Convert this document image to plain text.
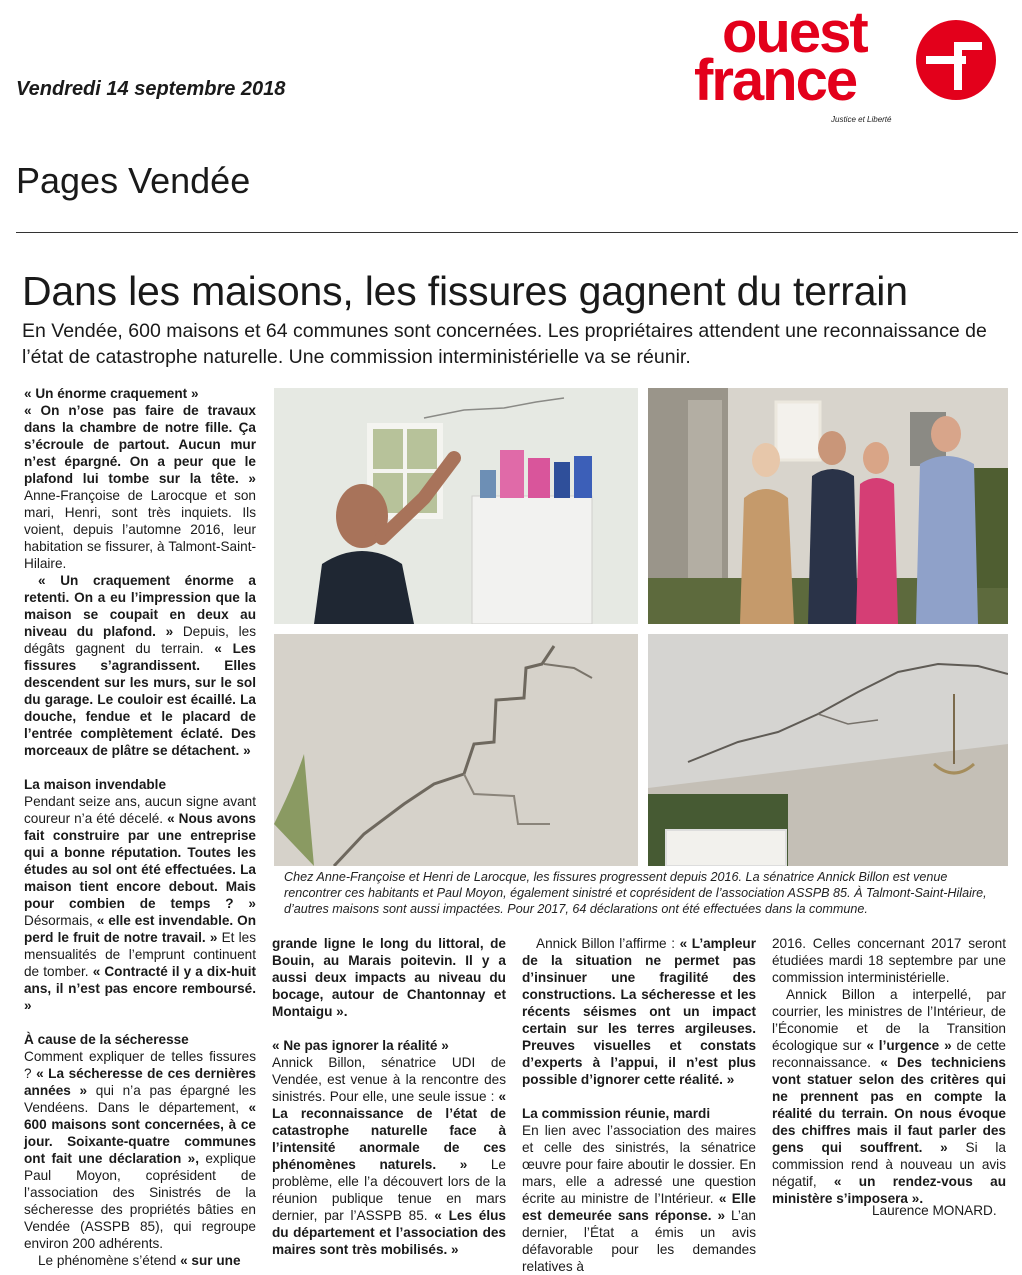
Vendredi 14 septembre 2018
ouest
france
Justice et Liberté
Pages Vendée
Dans les maisons, les fissures gagnent du terrain
En Vendée, 600 maisons et 64 communes sont concernées. Les propriétaires attendent une reconnaissance de l’état de catastrophe naturelle. Une commission interministérielle va se réunir.

« Un énorme craquement »

« On n’ose pas faire de travaux dans la chambre de notre fille. Ça s’écroule de partout. Aucun mur n’est épargné. On a peur que le plafond lui tombe sur la tête. » Anne-Françoise de Larocque et son mari, Henri, sont très inquiets. Ils voient, depuis l’automne 2016, leur habitation se fissurer, à Talmont-Saint-Hilaire.

« Un craquement énorme a retenti. On a eu l’impression que la maison se coupait en deux au niveau du plafond. » Depuis, les dégâts gagnent du terrain. « Les fissures s’agrandissent. Elles descendent sur les murs, sur le sol du garage. Le couloir est écaillé. La douche, fendue et le placard de l’entrée complètement éclaté. Des morceaux de plâtre se détachent. »

La maison invendable

Pendant seize ans, aucun signe avant coureur n’a été décelé. « Nous avons fait construire par une entreprise qui a bonne réputation. Toutes les études au sol ont été effectuées. La maison tient encore debout. Mais pour combien de temps ? » Désormais, « elle est invendable. On perd le fruit de notre travail. » Et les mensualités de l’emprunt continuent de tomber. « Contracté il y a dix-huit ans, il n’est pas encore remboursé. »

À cause de la sécheresse

Comment expliquer de telles fissures ? « La sécheresse de ces dernières années » qui n’a pas épargné les Vendéens. Dans le département, « 600 maisons sont concernées, à ce jour. Soixante-quatre communes ont fait une déclaration », explique Paul Moyon, coprésident de l’association des Sinistrés de la sécheresse des propriétés bâties en Vendée (ASSPB 85), qui regroupe environ 200 adhérents.

Le phénomène s’étend « sur une

Chez Anne-Françoise et Henri de Larocque, les fissures progressent depuis 2016. La sénatrice Annick Billon est venue rencontrer ces habitants et Paul Moyon, également sinistré et coprésident de l’association ASSPB 85. À Talmont-Saint-Hilaire, d’autres maisons sont aussi impactées. Pour 2017, 64 déclarations ont été effectuées dans la commune.

grande ligne le long du littoral, de Bouin, au Marais poitevin. Il y a aussi deux impacts au niveau du bocage, autour de Chantonnay et Montaigu ».

« Ne pas ignorer la réalité »

Annick Billon, sénatrice UDI de Vendée, est venue à la rencontre des sinistrés. Pour elle, une seule issue : « La reconnaissance de l’état de catastrophe naturelle face à l’intensité anormale de ces phénomènes naturels. » Le problème, elle l’a découvert lors de la réunion publique tenue en mars dernier, par l’ASSPB 85. « Les élus du département et l’association des maires sont très mobilisés. »

Annick Billon l’affirme : « L’ampleur de la situation ne permet pas d’insinuer une fragilité des constructions. La sécheresse et les récents séismes ont un impact certain sur les terres argileuses. Preuves visuelles et constats d’experts à l’appui, il n’est plus possible d’ignorer cette réalité. »

La commission réunie, mardi

En lien avec l’association des maires et celle des sinistrés, la sénatrice œuvre pour faire aboutir le dossier. En mars, elle a adressé une question écrite au ministre de l’Intérieur. « Elle est demeurée sans réponse. » L’an dernier, l’État a émis un avis défavorable pour les demandes relatives à

2016. Celles concernant 2017 seront étudiées mardi 18 septembre par une commission interministérielle.

Annick Billon a interpellé, par courrier, les ministres de l’Intérieur, de l’Économie et de la Transition écologique sur « l’urgence » de cette reconnaissance. « Des techniciens vont statuer selon des critères qui ne prennent pas en compte la réalité du terrain. On nous évoque des chiffres mais il faut parler des gens qui souffrent. » Si la commission rend à nouveau un avis négatif, « un rendez-vous au ministère s’imposera ».

Laurence MONARD.
